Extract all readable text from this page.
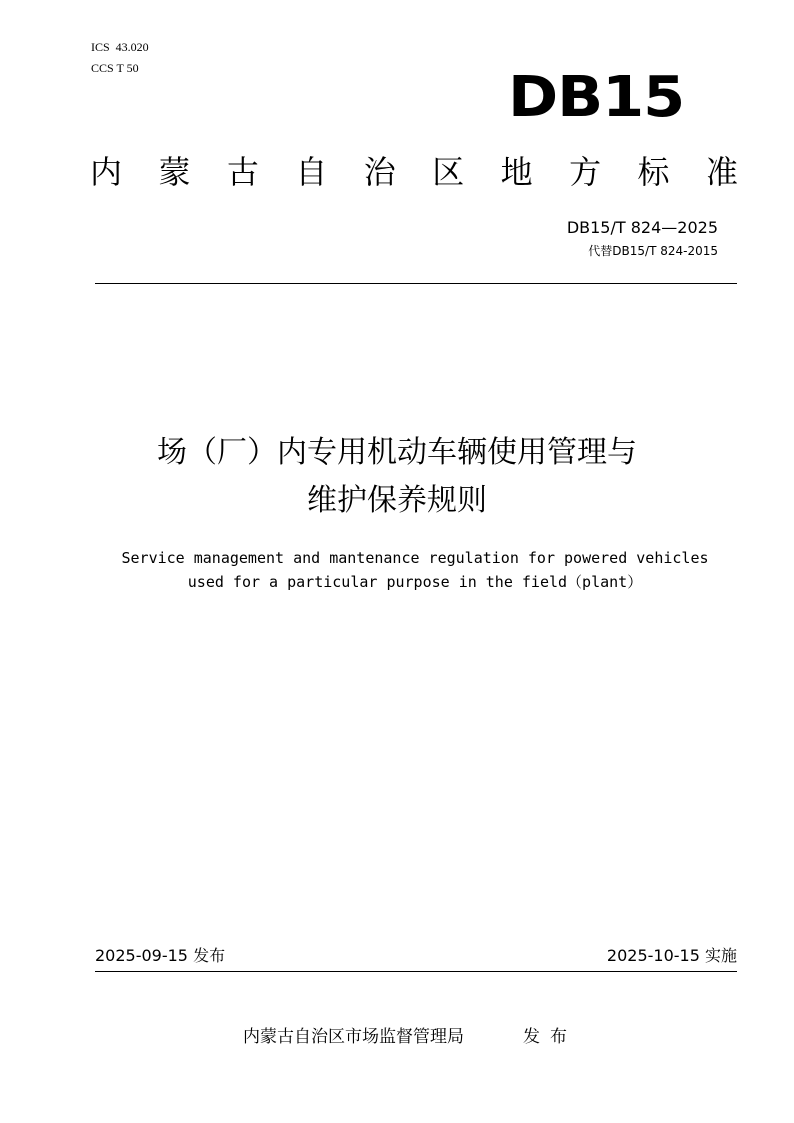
ICS  43.020
CCS T 50	DB15
内 蒙 古 自 治 区 地 方 标 准
DB15/T 824—2025
代替DB15/T 824-2015
场（厂）内专用机动车辆使用管理与
维护保养规则
Service management and mantenance regulation for powered vehicles
used for a particular purpose in the field（plant）
2025-09-15 发布	2025-10-15 实施
内蒙古自治区市场监督管理局	发布
